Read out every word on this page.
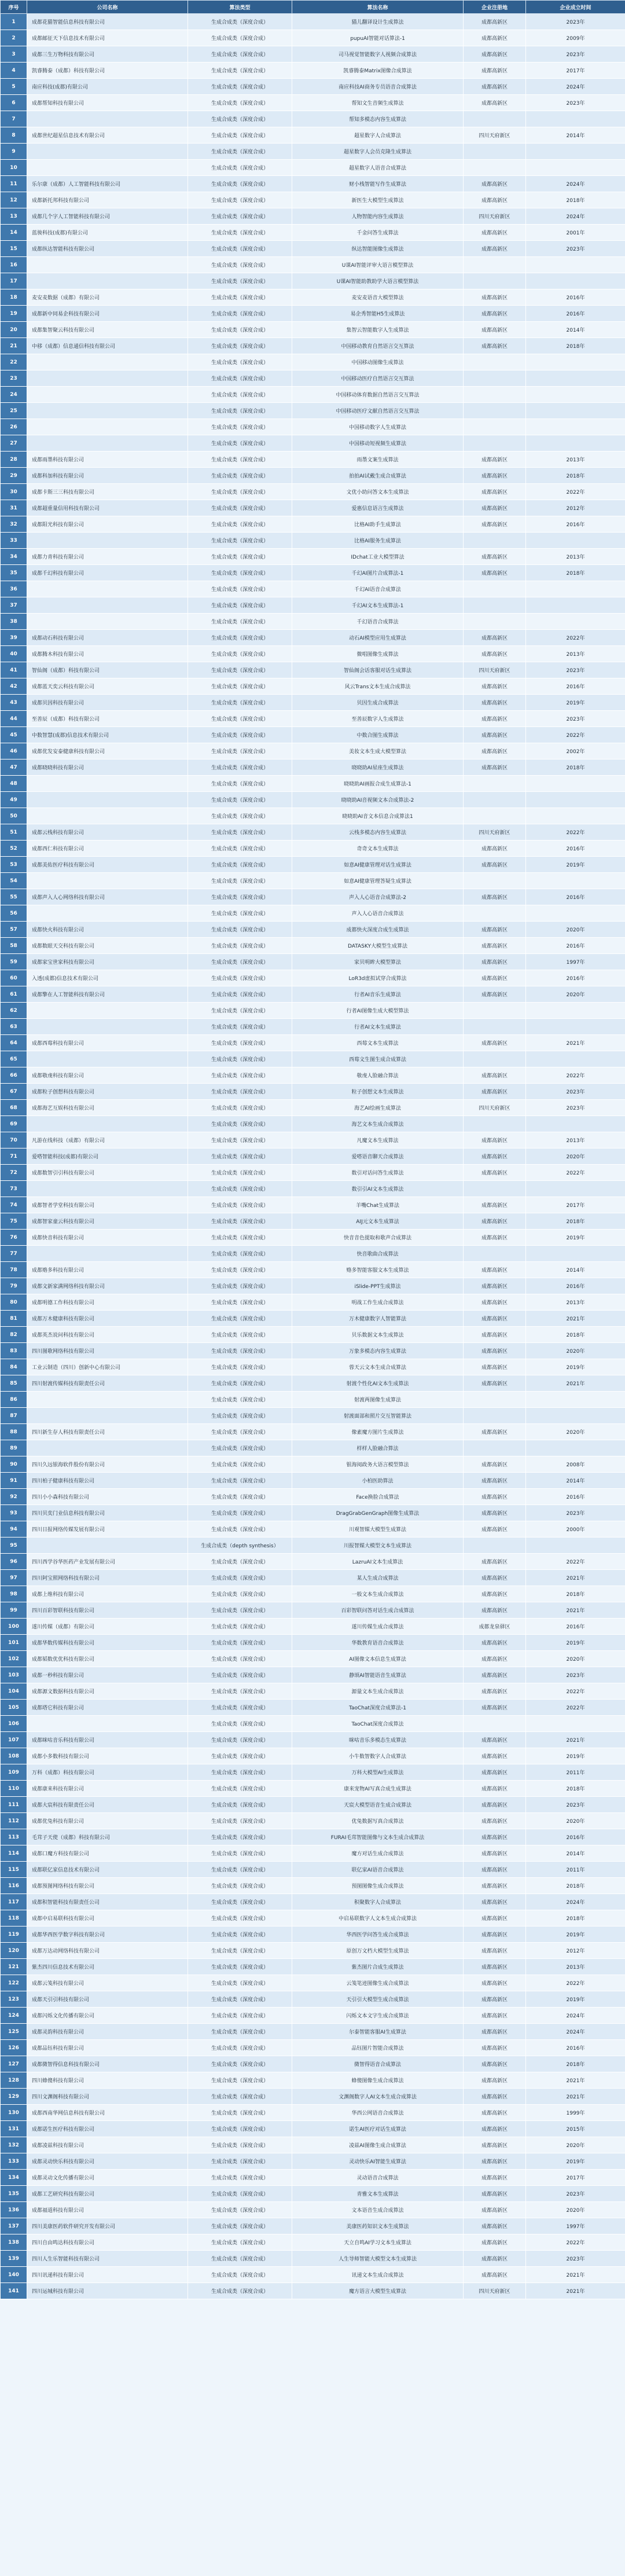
序号	公司名称	算法类型	算法名称	企业注册地	企业成立时间
1	成都花猫智能信息科技有限公司	生成合成类（深度合成）	猫儿翻译设计生成算法	成都高新区	2023年
2	成都邮征天下信息技术有限公司	生成合成类（深度合成）	pupuAI智能对话算法-1	成都高新区	2009年
3	成都三生万物科技有限公司	生成合成类（深度合成）	司马视觉智能数字人视频合成算法	成都高新区	2023年
4	凯睿腾泰（成都）科技有限公司	生成合成类（深度合成）	凯睿腾泰Matrix图像合成算法	成都高新区	2017年
5	南应科技(成都)有限公司	生成合成类（深度合成）	南应科技AI商务专员语音合成算法	成都高新区	2024年
6	成都帮知科技有限公司	生成合成类（深度合成）	帮知文生音频生成算法	成都高新区	2023年
7		生成合成类（深度合成）	帮知多模态内容生成算法		
8	成都世纪超星信息技术有限公司	生成合成类（深度合成）	超星数字人合成算法	四川天府新区	2014年
9		生成合成类（深度合成）	超星数字人会员克隆生成算法		
10		生成合成类（深度合成）	超星数字人语音合成算法		
11	乐尔康（成都）人工智能科技有限公司	生成合成类（深度合成）	财小栈智能写作生成算法	成都高新区	2024年
12	成都新托邦科技有限公司	生成合成类（深度合成）	新医生大模型生成算法	成都高新区	2018年
13	成都几个字人工智能科技有限公司	生成合成类（深度合成）	人物智能内容生成算法	四川天府新区	2024年
14	蓝骏科技(成都)有限公司	生成合成类（深度合成）	千金问答生成算法	成都高新区	2001年
15	成都纵达智能科技有限公司	生成合成类（深度合成）	纵达智能图像生成算法	成都高新区	2023年
16		生成合成类（深度合成）	U课AI智能评审大语言模型算法		
17		生成合成类（深度合成）	U课AI智能助教助学大语言模型算法		
18	麦安麦数据（成都）有限公司	生成合成类（深度合成）	麦安麦语音大模型算法	成都高新区	2016年
19	成都新中同易企科技有限公司	生成合成类（深度合成）	易企秀智能H5生成算法	成都高新区	2016年
20	成都集智聚云科技有限公司	生成合成类（深度合成）	集智云智能数字人生成算法	成都高新区	2014年
21	中移（成都）信息通信科技有限公司	生成合成类（深度合成）	中国移动教育自然语言交互算法	成都高新区	2018年
22		生成合成类（深度合成）	中国移动图像生成算法		
23		生成合成类（深度合成）	中国移动医疗自然语言交互算法		
24		生成合成类（深度合成）	中国移动体育数据自然语言交互算法		
25		生成合成类（深度合成）	中国移动医疗文献自然语言交互算法		
26		生成合成类（深度合成）	中国移动数字人生成算法		
27		生成合成类（深度合成）	中国移动短视频生成算法		
28	成都雨墨科技有限公司	生成合成类（深度合成）	雨墨文案生成算法	成都高新区	2013年
29	成都科加科技有限公司	生成合成类（深度合成）	拍拍AI试戴生成合成算法	成都高新区	2018年
30	成都卡斯三三科技有限公司	生成合成类（深度合成）	文优小助问答文本生成算法	成都高新区	2022年
31	成都超重量信用科技有限公司	生成合成类（深度合成）	爱惠信息语言生成算法	成都高新区	2012年
32	成都阳光科技有限公司	生成合成类（深度合成）	比格AI助手生成算法	成都高新区	2016年
33		生成合成类（深度合成）	比格AI服务生成算法		
34	成都力青科技有限公司	生成合成类（深度合成）	IDchat工业大模型算法	成都高新区	2013年
35	成都千幻科技有限公司	生成合成类（深度合成）	千幻AI图片合成算法-1	成都高新区	2018年
36		生成合成类（深度合成）	千幻AI语音合成算法		
37		生成合成类（深度合成）	千幻AI文本生成算法-1		
38		生成合成类（深度合成）	千幻语音合成算法		
39	成都动石科技有限公司	生成合成类（深度合成）	动石AI模型应用生成算法	成都高新区	2022年
40	成都腾木科技有限公司	生成合成类（深度合成）	微唱图像生成算法	成都高新区	2013年
41	智仙阁（成都）科技有限公司	生成合成类（深度合成）	智仙阁会话客服对话生成算法	四川天府新区	2023年
42	成都蓝天奕云科技有限公司	生成合成类（深度合成）	风云Trans文本生成合成算法	成都高新区	2016年
43	成都贝因科技有限公司	生成合成类（深度合成）	贝因生成合成算法	成都高新区	2019年
44	至善辰（成都）科技有限公司	生成合成类（深度合成）	至善辰数字人生成算法	成都高新区	2023年
45	中数智慧(成都)信息技术有限公司	生成合成类（深度合成）	中数合图生成算法	成都高新区	2022年
46	成都优发安泰健康科技有限公司	生成合成类（深度合成）	美妆文本生成大模型算法	成都高新区	2002年
47	成都晓晓科技有限公司	生成合成类（深度合成）	晓晓助AI星座生成算法	成都高新区	2018年
48		生成合成类（深度合成）	晓晓助AI画报合成生成算法-1		
49		生成合成类（深度合成）	晓晓助AI音视频文本合成算法-2		
50		生成合成类（深度合成）	晓晓助AI音文本信息合成算法1		
51	成都云栈科技有限公司	生成合成类（深度合成）	云栈多模态内容生成算法	四川天府新区	2022年
52	成都西仁科技有限公司	生成合成类（深度合成）	奇奇文本生成算法	成都高新区	2016年
53	成都美佑医疗科技有限公司	生成合成类（深度合成）	如意AI健康管理对话生成算法	成都高新区	2019年
54		生成合成类（深度合成）	如意AI健康管理答疑生成算法		
55	成都声入人心网络科技有限公司	生成合成类（深度合成）	声入人心语音合成算法-2	成都高新区	2016年
56		生成合成类（深度合成）	声入人心语音合成算法		
57	成都快火科技有限公司	生成合成类（深度合成）	成都快火深度合成生成算法	成都高新区	2020年
58	成都数眼天交科技有限公司	生成合成类（深度合成）	DATASKY大模型生成算法	成都高新区	2016年
59	成都家宝世家科技有限公司	生成合成类（深度合成）	家贝明眸大模型算法	成都高新区	1997年
60	入透(成都)信息技术有限公司	生成合成类（深度合成）	LoR3d虚拟试穿合成算法	成都高新区	2016年
61	成都擎在人工智能科技有限公司	生成合成类（深度合成）	行者AI音乐生成算法	成都高新区	2020年
62		生成合成类（深度合成）	行者AI图像生成大模型算法		
63		生成合成类（深度合成）	行者AI文本生成算法		
64	成都西莓科技有限公司	生成合成类（深度合成）	西莓文本生成算法	成都高新区	2021年
65		生成合成类（深度合成）	西莓文生图生成合成算法		
66	成都敬虔科技有限公司	生成合成类（深度合成）	敬虔人脸融合算法	成都高新区	2022年
67	成都粒子创想科技有限公司	生成合成类（深度合成）	粒子创想文本生成算法	成都高新区	2023年
68	成都海艺互娱科技有限公司	生成合成类（深度合成）	海艺AI绘画生成算法	四川天府新区	2023年
69		生成合成类（深度合成）	海艺文本生成合成算法		
70	凡游在线科技（成都）有限公司	生成合成类（深度合成）	凡魔文本生成算法	成都高新区	2013年
71	爱嗒智能科技(成都)有限公司	生成合成类（深度合成）	爱嗒语音聊天合成算法	成都高新区	2020年
72	成都数智引引科技有限公司	生成合成类（深度合成）	数引对话问答生成算法	成都高新区	2022年
73		生成合成类（深度合成）	数引引AI文本生成算法		
74	成都智者学堂科技有限公司	生成合成类（深度合成）	羊嘴Chat生成算法	成都高新区	2017年
75	成都智家童云科技有限公司	生成合成类（深度合成）	AIJ元文本生成算法	成都高新区	2018年
76	成都快音科技有限公司	生成合成类（深度合成）	快音音色提取和歌声合成算法	成都高新区	2019年
77		生成合成类（深度合成）	快音歌曲合成算法		
78	成都赂多科技有限公司	生成合成类（深度合成）	赂多智能客服文本生成算法	成都高新区	2014年
79	成都文新家满网络科技有限公司	生成合成类（深度合成）	iSlide-PPT生成算法	成都高新区	2016年
80	成都明德工作科技有限公司	生成合成类（深度合成）	明战工作生成合成算法	成都高新区	2013年
81	成都万木健康科技有限公司	生成合成类（深度合成）	万木健康数字人智能算法	成都高新区	2021年
82	成都英杰说问科技有限公司	生成合成类（深度合成）	贝乐数据文本生成算法	成都高新区	2018年
83	四川图歌网络科技有限公司	生成合成类（深度合成）	万象多模态内容生成算法	成都高新区	2020年
84	工业云制造（四川）创新中心有限公司	生成合成类（深度合成）	蓉天云文本生成合成算法	成都高新区	2019年
85	四川射渡传媒科技有限责任公司	生成合成类（深度合成）	射渡个性化AI文本生成算法	成都高新区	2021年
86		生成合成类（深度合成）	射渡两图像生成算法		
87		生成合成类（深度合成）	射渡面部和照片交互智能算法		
88	四川新生存人科技有限责任公司	生成合成类（深度合成）	像素魔方图片生成算法	成都高新区	2020年
89		生成合成类（深度合成）	样样人脸融合算法		
90	四川久远银海软件股份有限公司	生成合成类（深度合成）	银海阅政务大语言模型算法	成都高新区	2008年
91	四川柏子健康科技有限公司	生成合成类（深度合成）	小柏医助算法	成都高新区	2014年
92	四川小小森科技有限公司	生成合成类（深度合成）	Face换脸合成算法	成都高新区	2016年
93	四川贝奕门业信息科技有限公司	生成合成类（深度合成）	DragGrabGenGraph图像生成算法	成都高新区	2023年
94	四川日报网络传媒发展有限公司	生成合成类（深度合成）	川观智媒大模型生成算法	成都高新区	2000年
95		生成合成类（depth synthesis）	川报智媒大模型文本生成算法		
96	四川西学谷华医药产业发展有限公司	生成合成类（深度合成）	LazruAI文本生成算法	成都高新区	2022年
97	四川阿宝照网络科技有限公司	生成合成类（深度合成）	某人生成合成算法	成都高新区	2021年
98	成都上维科技有限公司	生成合成类（深度合成）	一般文本生成合成算法	成都高新区	2018年
99	四川百彩智联科技有限公司	生成合成类（深度合成）	百彩智联问答对话生成合成算法	成都高新区	2021年
100	遂川传媒（成都）有限公司	生成合成类（深度合成）	遂川传媒生成合成算法	成都龙泉驿区	2016年
101	成都华数传媒科技有限公司	生成合成类（深度合成）	华数教育语音合成算法	成都高新区	2019年
102	成都韬数优优科技有限公司	生成合成类（深度合成）	AI图像文本信息生成算法	成都高新区	2020年
103	成都一秒科技有限公司	生成合成类（深度合成）	静颂AI智能语音生成算法	成都高新区	2023年
104	成都源文数据科技有限公司	生成合成类（深度合成）	源量文本生成合成算法	成都高新区	2022年
105	成都塔它科技有限公司	生成合成类（深度合成）	TaoChat深度合成算法-1	成都高新区	2022年
106		生成合成类（深度合成）	TaoChat深度合成算法		
107	成都咪咕音乐科技有限公司	生成合成类（深度合成）	咪咕音乐多模态生成算法	成都高新区	2021年
108	成都小多数科技有限公司	生成合成类（深度合成）	小牛数智数字人合成算法	成都高新区	2019年
109	万科（成都）科技有限公司	生成合成类（深度合成）	万科大模型AI生成算法	成都高新区	2011年
110	成都康来科技有限公司	生成合成类（深度合成）	康来宠物AI写真合成生成算法	成都高新区	2018年
111	成都大宸科技有限责任公司	生成合成类（深度合成）	天宸大模型语音生成合成算法	成都高新区	2023年
112	成都优兔科技有限公司	生成合成类（深度合成）	优兔数据写真合成算法	成都高新区	2020年
113	毛茸子天使（成都）科技有限公司	生成合成类（深度合成）	FURAI毛茸智能图像与文本生成合成算法	成都高新区	2016年
114	成都口魔方科技有限公司	生成合成类（深度合成）	魔方对话生成合成算法	成都高新区	2014年
115	成都联亿家信息技术有限公司	生成合成类（深度合成）	联亿家AI语音合成算法	成都高新区	2011年
116	成都预图网络科技有限公司	生成合成类（深度合成）	预图图像生成合成算法	成都高新区	2018年
117	成都积智能科技有限责任公司	生成合成类（深度合成）	积聚数字人合成算法	成都高新区	2024年
118	成都中启易联科技有限公司	生成合成类（深度合成）	中启易联数字人文本生成合成算法	成都高新区	2018年
119	成都华西医学数字科技有限公司	生成合成类（深度合成）	华西医学问答生成合成算法	成都高新区	2019年
120	成都万达动网络科技有限公司	生成合成类（深度合成）	原创万文档大模型生成算法	成都高新区	2012年
121	紫杰四川信息技术有限公司	生成合成类（深度合成）	紫杰图片合成生成算法	成都高新区	2013年
122	成都云笺科技有限公司	生成合成类（深度合成）	云笺笔迹图像生成合成算法	成都高新区	2022年
123	成都天引引科技有限公司	生成合成类（深度合成）	天引引大模型生成合成算法	成都高新区	2019年
124	成都闪烁文化传播有限公司	生成合成类（深度合成）	闪烁文本文字生成合成算法	成都高新区	2024年
125	成都灵韵科技有限公司	生成合成类（深度合成）	尔泰智能客服AI生成算法	成都高新区	2024年
126	成都品钰科技有限公司	生成合成类（深度合成）	品钰图片智能合成算法	成都高新区	2016年
127	成都微智得信息科技有限公司	生成合成类（深度合成）	微智得语音合成算法	成都高新区	2018年
128	四川蜂傻科技有限公司	生成合成类（深度合成）	蜂傻图像生成合成算法	成都高新区	2021年
129	四川文渊阁科技有限公司	生成合成类（深度合成）	文渊阁数字人AI文本生成合成算法	成都高新区	2021年
130	成都西南华网信息科技有限公司	生成合成类（深度合成）	华西公网语音合成算法	成都高新区	1999年
131	成都诺生医疗科技有限公司	生成合成类（深度合成）	诺生AI医疗对话生成算法	成都高新区	2015年
132	成都凌兹科技有限公司	生成合成类（深度合成）	凌兹AI图像生成合成算法	成都高新区	2020年
133	成都灵动快乐科技有限公司	生成合成类（深度合成）	灵动快乐AI智能生成算法	成都高新区	2019年
134	成都灵动文化传播有限公司	生成合成类（深度合成）	灵动语音合成算法	成都高新区	2017年
135	成都工艺研究科技有限公司	生成合成类（深度合成）	青雅文本生成算法	成都高新区	2023年
136	成都福道科技有限公司	生成合成类（深度合成）	文本语音生成合成算法	成都高新区	2020年
137	四川美康医药软件研究开发有限公司	生成合成类（深度合成）	美康医药知识文本生成算法	成都高新区	1997年
138	四川自由鸣达科技有限公司	生成合成类（深度合成）	天立自鸣AI学习文本生成算法	成都高新区	2022年
139	四川人生乐智能科技有限公司	生成合成类（深度合成）	人生导师智能大模型文本生成算法	成都高新区	2023年
140	四川讯递科技有限公司	生成合成类（深度合成）	讯递文本生成合成算法	成都高新区	2021年
141	四川运城科技有限公司	生成合成类（深度合成）	魔方语言大模型生成算法	四川天府新区	2021年
